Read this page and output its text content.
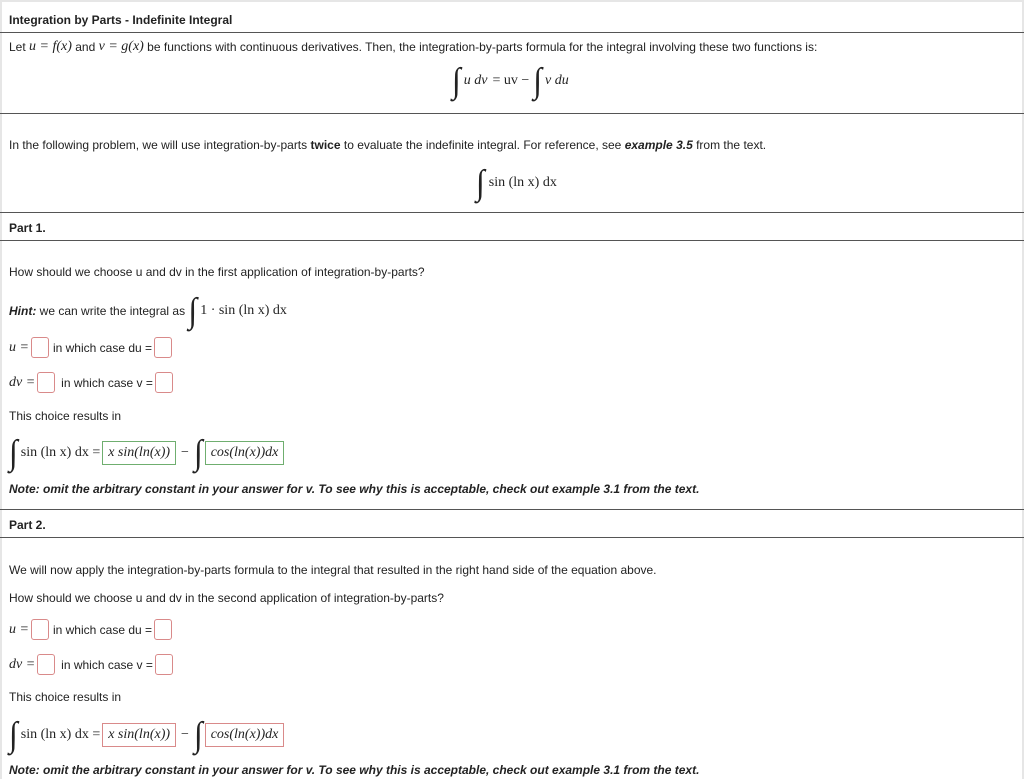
Integration by Parts - Indefinite Integral
Let
u = f(x)
and
v = g(x)
be functions with continuous derivatives. Then, the integration-by-parts formula for the integral involving these two functions is:
∫ u dv = uv − ∫ v du
In the following problem, we will use integration-by-parts
twice
to evaluate the indefinite integral. For reference, see
example 3.5
from the text.
∫ sin (ln x) dx
Part 1.
How should we choose u and dv in the first application of integration-by-parts?
Hint:
we can write the integral as
∫ 1 · sin (ln x) dx
u = in which case du =
dv = in which case v =
This choice results in
∫ sin (ln x) dx = x sin(ln(x)) − ∫ cos(ln(x))dx
Note: omit the arbitrary constant in your answer for v. To see why this is acceptable, check out example 3.1 from the text.
Part 2.
We will now apply the integration-by-parts formula to the integral that resulted in the right hand side of the equation above.
How should we choose u and dv in the second application of integration-by-parts?
u = in which case du =
dv = in which case v =
This choice results in
∫ sin (ln x) dx = x sin(ln(x)) − ∫ cos(ln(x))dx
Note: omit the arbitrary constant in your answer for v. To see why this is acceptable, check out example 3.1 from the text.
